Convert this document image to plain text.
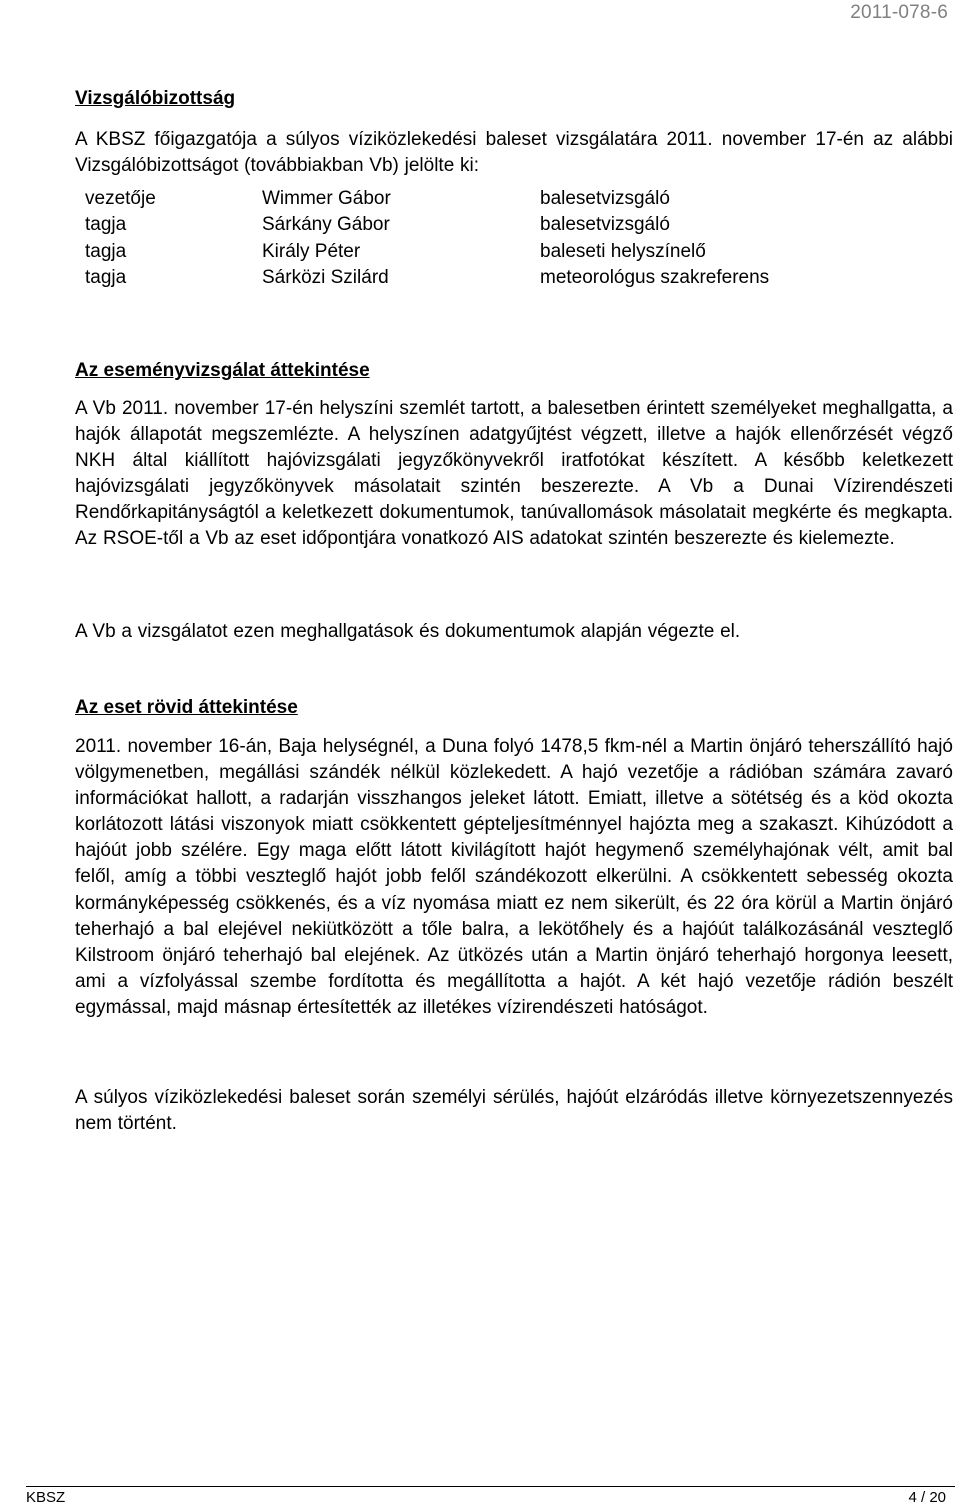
2011-078-6
Vizsgálóbizottság
A KBSZ főigazgatója a súlyos víziközlekedési baleset vizsgálatára 2011. november 17-én az alábbi Vizsgálóbizottságot (továbbiakban Vb) jelölte ki:
vezetője	Wimmer Gábor	balesetvizsgáló
tagja	Sárkány Gábor	balesetvizsgáló
tagja	Király Péter	baleseti helyszínelő
tagja	Sárközi Szilárd	meteorológus szakreferens
Az eseményvizsgálat áttekintése
A Vb 2011. november 17-én helyszíni szemlét tartott, a balesetben érintett személyeket meghallgatta, a hajók állapotát megszemlézte. A helyszínen adatgyűjtést végzett, illetve a hajók ellenőrzését végző NKH által kiállított hajóvizsgálati jegyzőkönyvekről iratfotókat készített. A később keletkezett hajóvizsgálati jegyzőkönyvek másolatait szintén beszerezte. A Vb a Dunai Vízirendészeti Rendőrkapitányságtól a keletkezett dokumentumok, tanúvallomások másolatait megkérte és megkapta. Az RSOE-től a Vb az eset időpontjára vonatkozó AIS adatokat szintén beszerezte és kielemezte.
A Vb a vizsgálatot ezen meghallgatások és dokumentumok alapján végezte el.
Az eset rövid áttekintése
2011. november 16-án, Baja helységnél, a Duna folyó 1478,5 fkm-nél a Martin önjáró teherszállító hajó völgymenetben, megállási szándék nélkül közlekedett. A hajó vezetője a rádióban számára zavaró információkat hallott, a radarján visszhangos jeleket látott. Emiatt, illetve a sötétség és a köd okozta korlátozott látási viszonyok miatt csökkentett gépteljesítménnyel hajózta meg a szakaszt. Kihúzódott a hajóút jobb szélére. Egy maga előtt látott kivilágított hajót hegymenő személyhajónak vélt, amit bal felől, amíg a többi veszteglő hajót jobb felől szándékozott elkerülni. A csökkentett sebesség okozta kormányképesség csökkenés, és a víz nyomása miatt ez nem sikerült, és 22 óra körül a Martin önjáró teherhajó a bal elejével nekiütközött a tőle balra, a lekötőhely és a hajóút találkozásánál veszteglő Kilstroom önjáró teherhajó bal elejének. Az ütközés után a Martin önjáró teherhajó horgonya leesett, ami a vízfolyással szembe fordította és megállította a hajót. A két hajó vezetője rádión beszélt egymással, majd másnap értesítették az illetékes vízirendészeti hatóságot.
A súlyos víziközlekedési baleset során személyi sérülés, hajóút elzáródás illetve környezetszennyezés nem történt.
KBSZ	4 / 20
